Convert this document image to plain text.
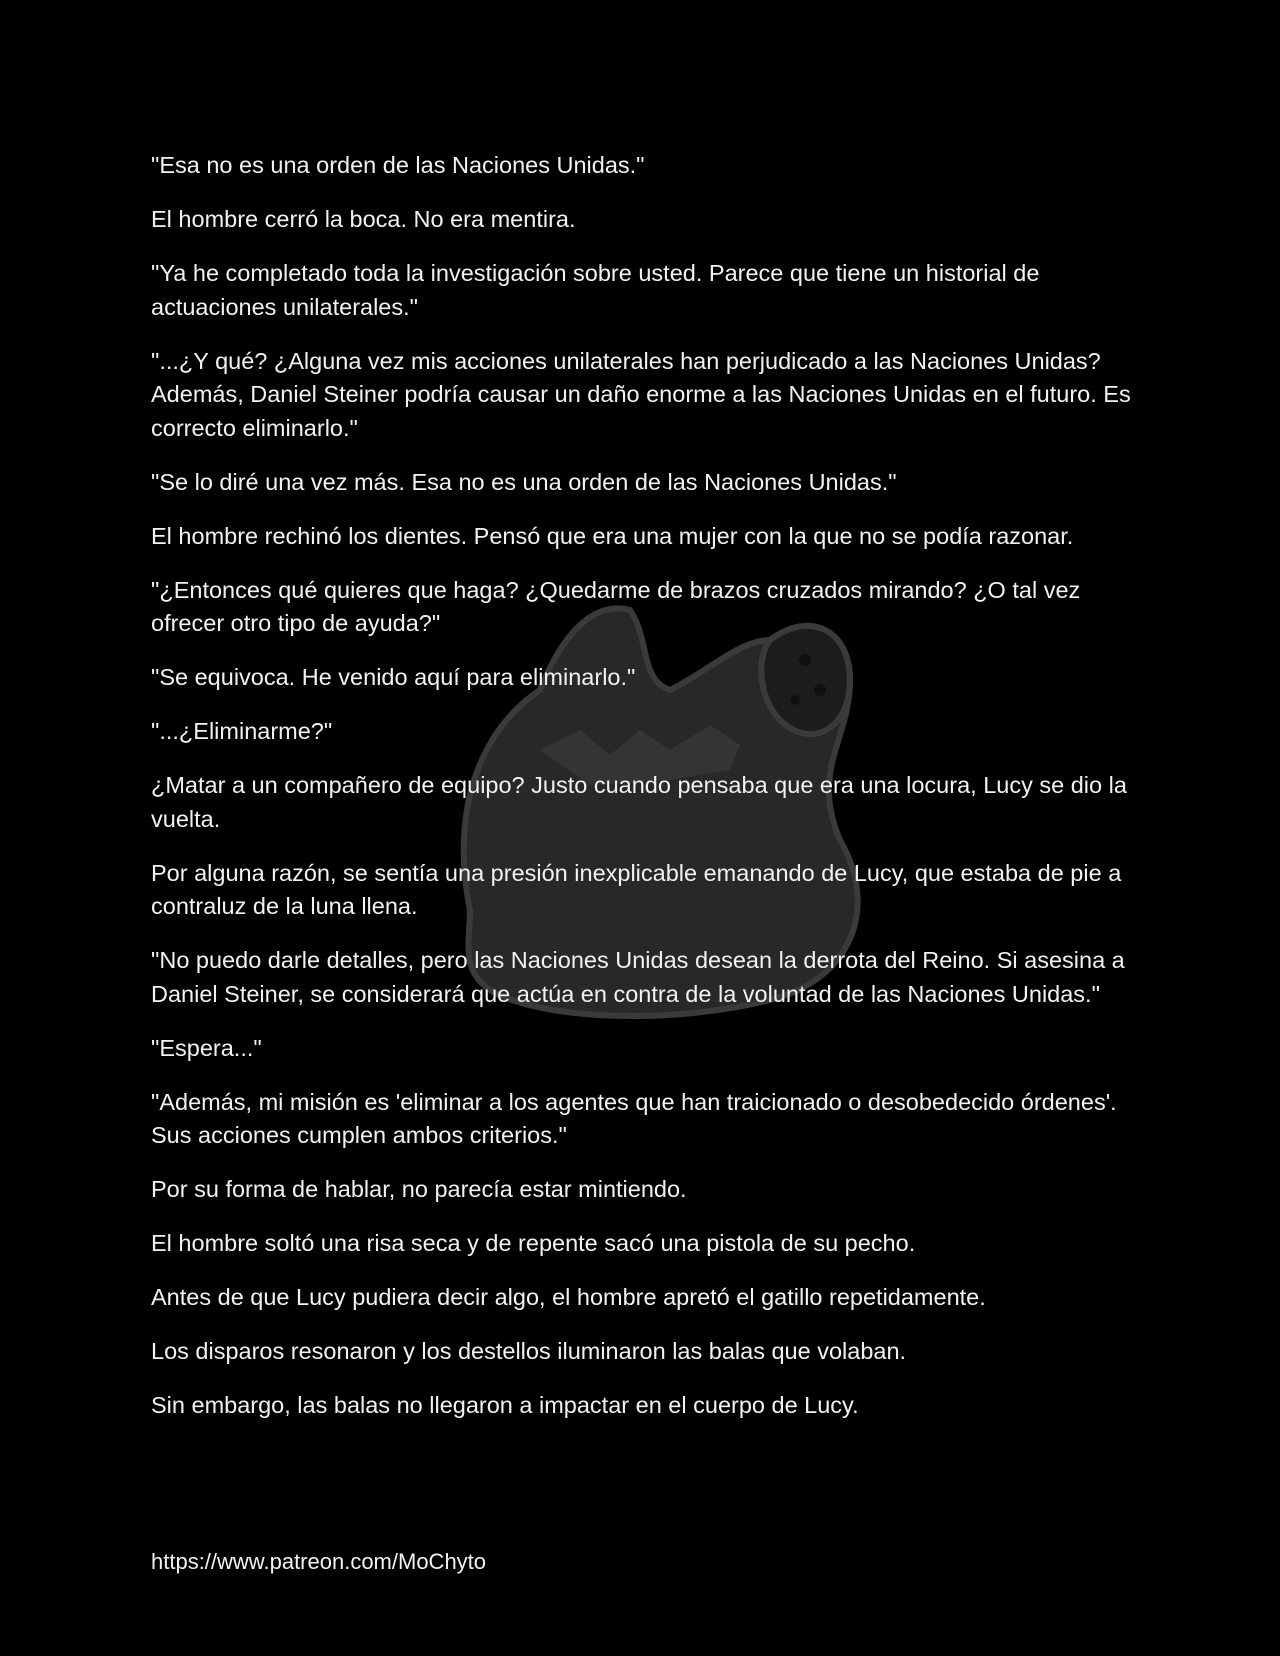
"Esa no es una orden de las Naciones Unidas."

El hombre cerró la boca. No era mentira.

"Ya he completado toda la investigación sobre usted. Parece que tiene un historial de actuaciones unilaterales."

"...¿Y qué? ¿Alguna vez mis acciones unilaterales han perjudicado a las Naciones Unidas? Además, Daniel Steiner podría causar un daño enorme a las Naciones Unidas en el futuro. Es correcto eliminarlo."

"Se lo diré una vez más. Esa no es una orden de las Naciones Unidas."

El hombre rechinó los dientes. Pensó que era una mujer con la que no se podía razonar.

"¿Entonces qué quieres que haga? ¿Quedarme de brazos cruzados mirando? ¿O tal vez ofrecer otro tipo de ayuda?"

"Se equivoca. He venido aquí para eliminarlo."

"...¿Eliminarme?"

¿Matar a un compañero de equipo? Justo cuando pensaba que era una locura, Lucy se dio la vuelta.

Por alguna razón, se sentía una presión inexplicable emanando de Lucy, que estaba de pie a contraluz de la luna llena.

"No puedo darle detalles, pero las Naciones Unidas desean la derrota del Reino. Si asesina a Daniel Steiner, se considerará que actúa en contra de la voluntad de las Naciones Unidas."

"Espera..."

"Además, mi misión es 'eliminar a los agentes que han traicionado o desobedecido órdenes'. Sus acciones cumplen ambos criterios."

Por su forma de hablar, no parecía estar mintiendo.

El hombre soltó una risa seca y de repente sacó una pistola de su pecho.

Antes de que Lucy pudiera decir algo, el hombre apretó el gatillo repetidamente.

Los disparos resonaron y los destellos iluminaron las balas que volaban.

Sin embargo, las balas no llegaron a impactar en el cuerpo de Lucy.

https://www.patreon.com/MoChyto
